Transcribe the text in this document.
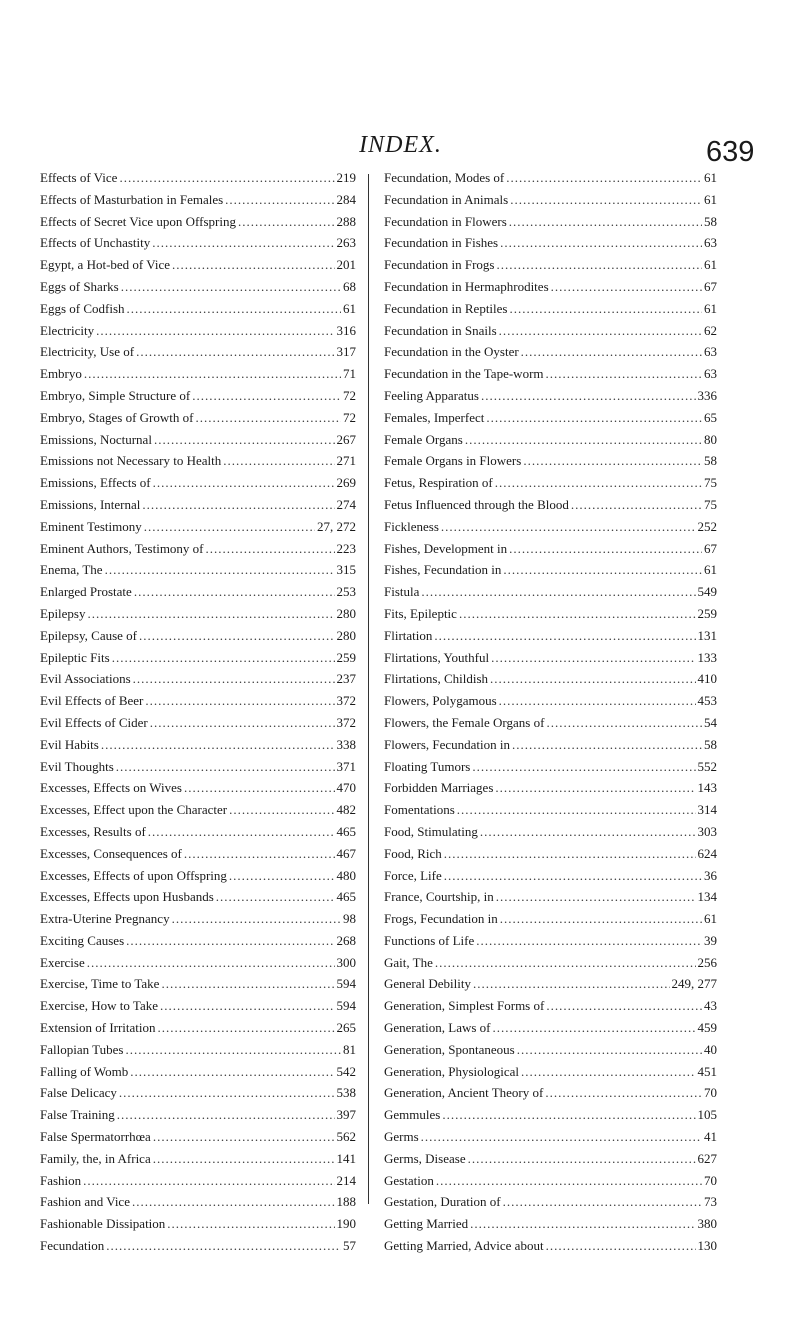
INDEX.	639
Effects of Vice .....	219
Effects of Masturbation in Females .....	284
Effects of Secret Vice upon Offspring .....	288
Effects of Unchastity .....	263
Egypt, a Hot-bed of Vice .....	201
Eggs of Sharks .....	68
Eggs of Codfish .....	61
Electricity .....	316
Electricity, Use of .....	317
Embryo .....	71
Embryo, Simple Structure of .....	72
Embryo, Stages of Growth of .....	72
Emissions, Nocturnal .....	267
Emissions not Necessary to Health .....	271
Emissions, Effects of .....	269
Emissions, Internal .....	274
Eminent Testimony .....	27, 272
Eminent Authors, Testimony of .....	223
Enema, The .....	315
Enlarged Prostate .....	253
Epilepsy .....	280
Epilepsy, Cause of .....	280
Epileptic Fits .....	259
Evil Associations .....	237
Evil Effects of Beer .....	372
Evil Effects of Cider .....	372
Evil Habits .....	338
Evil Thoughts .....	371
Excesses, Effects on Wives .....	470
Excesses, Effect upon the Character .....	482
Excesses, Results of .....	465
Excesses, Consequences of .....	467
Excesses, Effects of upon Offspring .....	480
Excesses, Effects upon Husbands .....	465
Extra-Uterine Pregnancy .....	98
Exciting Causes .....	268
Exercise .....	300
Exercise, Time to Take .....	594
Exercise, How to Take .....	594
Extension of Irritation .....	265
Fallopian Tubes .....	81
Falling of Womb .....	542
False Delicacy .....	538
False Training .....	397
False Spermatorrhœa .....	562
Family, the, in Africa .....	141
Fashion .....	214
Fashion and Vice .....	188
Fashionable Dissipation .....	190
Fecundation .....	57
Fecundation, Modes of .....	61
Fecundation in Animals .....	61
Fecundation in Flowers .....	58
Fecundation in Fishes .....	63
Fecundation in Frogs .....	61
Fecundation in Hermaphrodites .....	67
Fecundation in Reptiles .....	61
Fecundation in Snails .....	62
Fecundation in the Oyster .....	63
Fecundation in the Tape-worm .....	63
Feeling Apparatus .....	336
Females, Imperfect .....	65
Female Organs .....	80
Female Organs in Flowers .....	58
Fetus, Respiration of .....	75
Fetus Influenced through the Blood .....	75
Fickleness .....	252
Fishes, Development in .....	67
Fishes, Fecundation in .....	61
Fistula .....	549
Fits, Epileptic .....	259
Flirtation .....	131
Flirtations, Youthful .....	133
Flirtations, Childish .....	410
Flowers, Polygamous .....	453
Flowers, the Female Organs of .....	54
Flowers, Fecundation in .....	58
Floating Tumors .....	552
Forbidden Marriages .....	143
Fomentations .....	314
Food, Stimulating .....	303
Food, Rich .....	624
Force, Life .....	36
France, Courtship, in .....	134
Frogs, Fecundation in .....	61
Functions of Life .....	39
Gait, The .....	256
General Debility .....	249, 277
Generation, Simplest Forms of .....	43
Generation, Laws of .....	459
Generation, Spontaneous .....	40
Generation, Physiological .....	451
Generation, Ancient Theory of .....	70
Gemmules .....	105
Germs .....	41
Germs, Disease .....	627
Gestation .....	70
Gestation, Duration of .....	73
Getting Married .....	380
Getting Married, Advice about .....	130
